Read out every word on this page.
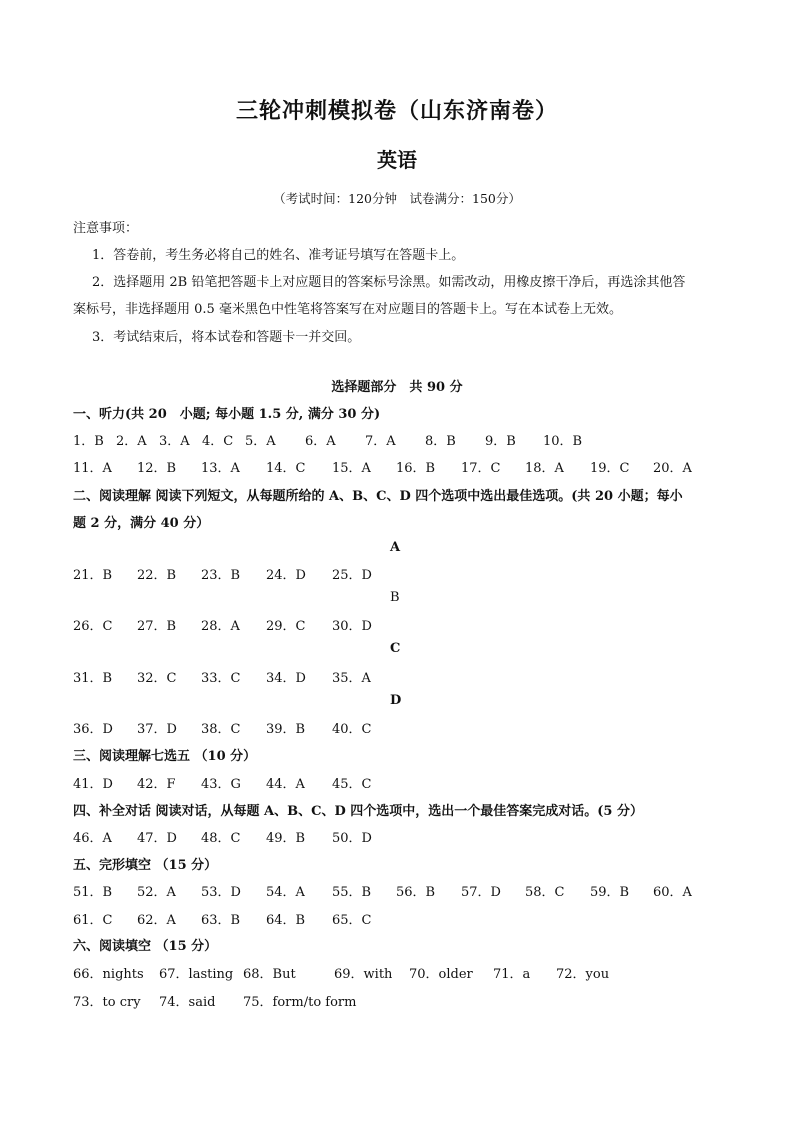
三轮冲刺模拟卷（山东济南卷）
英语
（考试时间：120分钟　试卷满分：150分）
注意事项：
1．答卷前，考生务必将自己的姓名、准考证号填写在答题卡上。
2．选择题用 2B 铅笔把答题卡上对应题目的答案标号涂黑。如需改动，用橡皮擦干净后，再选涂其他答
案标号，非选择题用 0.5 毫米黑色中性笔将答案写在对应题目的答题卡上。写在本试卷上无效。
3．考试结束后，将本试卷和答题卡一并交回。
选择题部分　共 90 分
一、听力(共 20　小题; 每小题 1.5 分, 满分 30 分)
1．B 2．A 3．A 4．C 5．A 6．A 7．A 8．B 9．B 10．B
11．A 12．B 13．A 14．C 15．A 16．B 17．C 18．A 19．C 20．A
二、阅读理解 阅读下列短文，从每题所给的 A、B、C、D 四个选项中选出最佳选项。(共 20 小题；每小
题 2 分，满分 40 分）
A
21．B 22．B 23．B 24．D 25．D
B
26．C 27．B 28．A 29．C 30．D
C
31．B 32．C 33．C 34．D 35．A
D
36．D 37．D 38．C 39．B 40．C
三、阅读理解七选五 （10 分）
41．D 42．F 43．G 44．A 45．C
四、补全对话 阅读对话，从每题 A、B、C、D 四个选项中，选出一个最佳答案完成对话。(5 分）
46．A 47．D 48．C 49．B 50．D
五、完形填空 （15 分）
51．B 52．A 53．D 54．A 55．B 56．B 57．D 58．C 59．B 60．A
61．C 62．A 63．B 64．B 65．C
六、阅读填空 （15 分）
66．nights 67．lasting 68．But	69．with 70．older 71．a 72．you
73．to cry 74．said 75．form/to form
